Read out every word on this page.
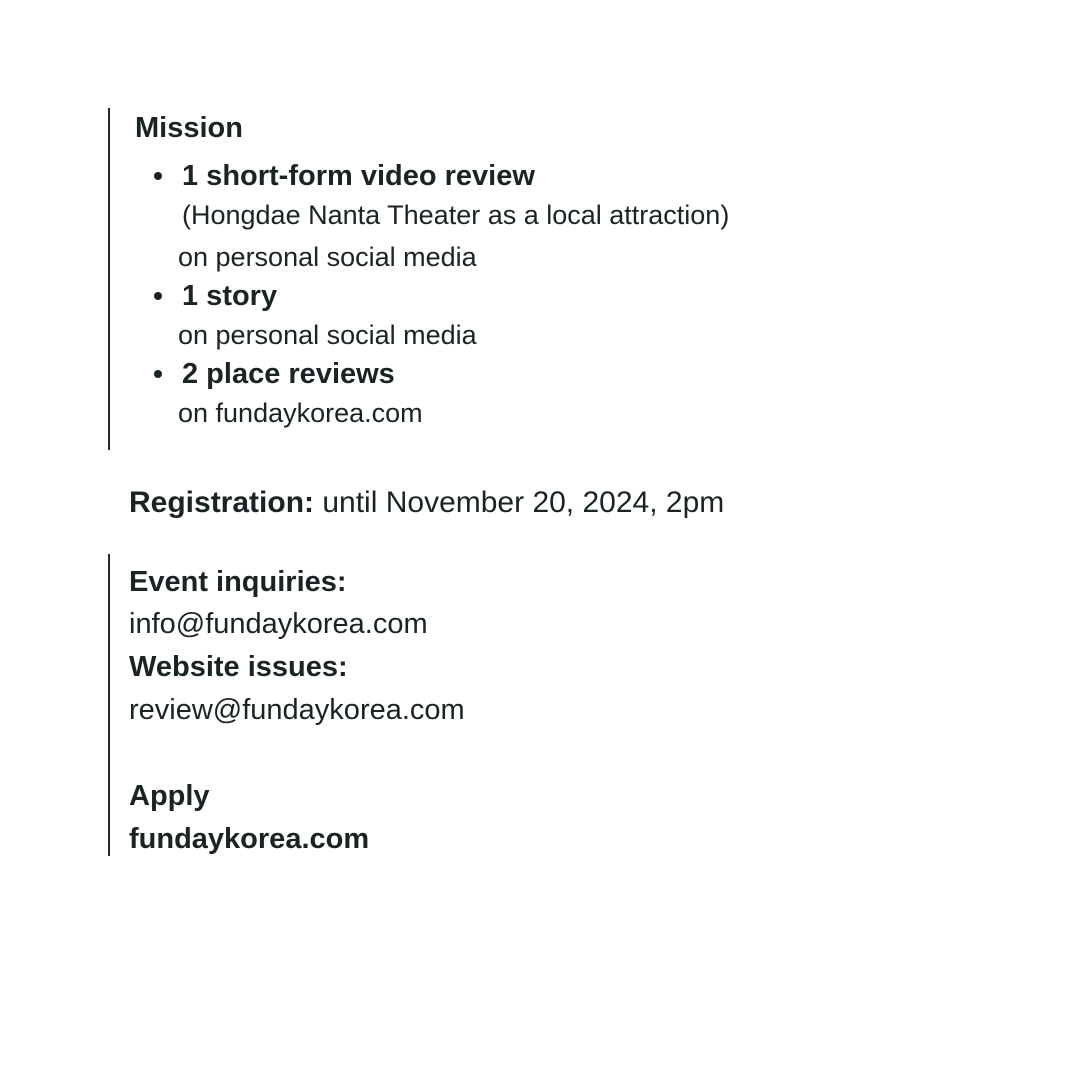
Mission
1 short-form video review
(Hongdae Nanta Theater as a local attraction)
on personal social media
1 story
on personal social media
2 place reviews
on fundaykorea.com
Registration: until November 20, 2024, 2pm
Event inquiries:
info@fundaykorea.com
Website issues:
review@fundaykorea.com
Apply
fundaykorea.com
